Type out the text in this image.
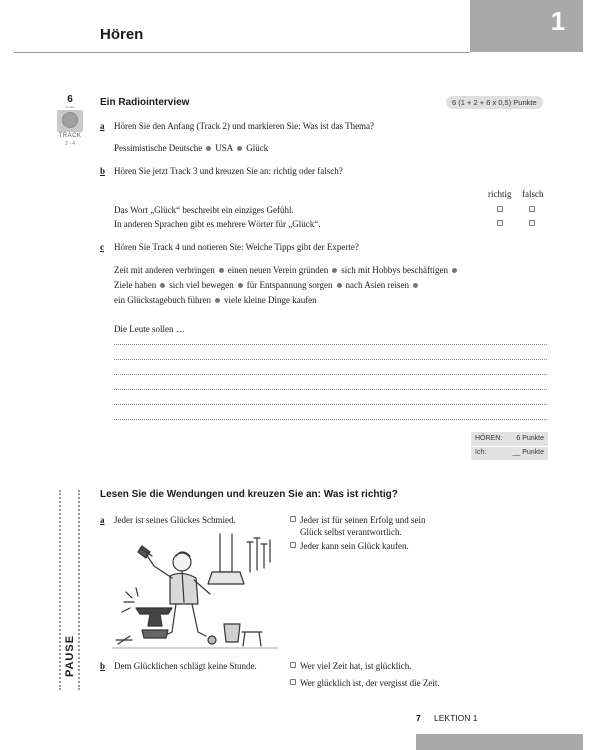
Hören	1
6
Punkte
TRACK
2 - 4
Ein Radiointerview	6 (1 + 2 + 6 x 0,5) Punkte
a Hören Sie den Anfang (Track 2) und markieren Sie: Was ist das Thema?
Pessimistische Deutsche USA Glück
b Hören Sie jetzt Track 3 und kreuzen Sie an: richtig oder falsch?
richtig falsch
Das Wort „Glück“ beschreibt ein einziges Gefühl.
In anderen Sprachen gibt es mehrere Wörter für „Glück“.
c Hören Sie Track 4 und notieren Sie: Welche Tipps gibt der Experte?
Zeit mit anderen verbringen einen neuen Verein gründen sich mit Hobbys beschäftigen
Ziele haben sich viel bewegen für Entspannung sorgen nach Asien reisen
ein Glückstagebuch führen viele kleine Dinge kaufen
Die Leute sollen …
HÖREN: 6 Punkte
Ich:	__ Punkte
PAUSE
Lesen Sie die Wendungen und kreuzen Sie an: Was ist richtig?
a Jeder ist seines Glückes Schmied.	Jeder ist für seinen Erfolg und sein
Glück selbst verantwortlich.
Jeder kann sein Glück kaufen.
b Dem Glücklichen schlägt keine Stunde.	Wer viel Zeit hat, ist glücklich.
Wer glücklich ist, der vergisst die Zeit.
7 LEKTION 1
